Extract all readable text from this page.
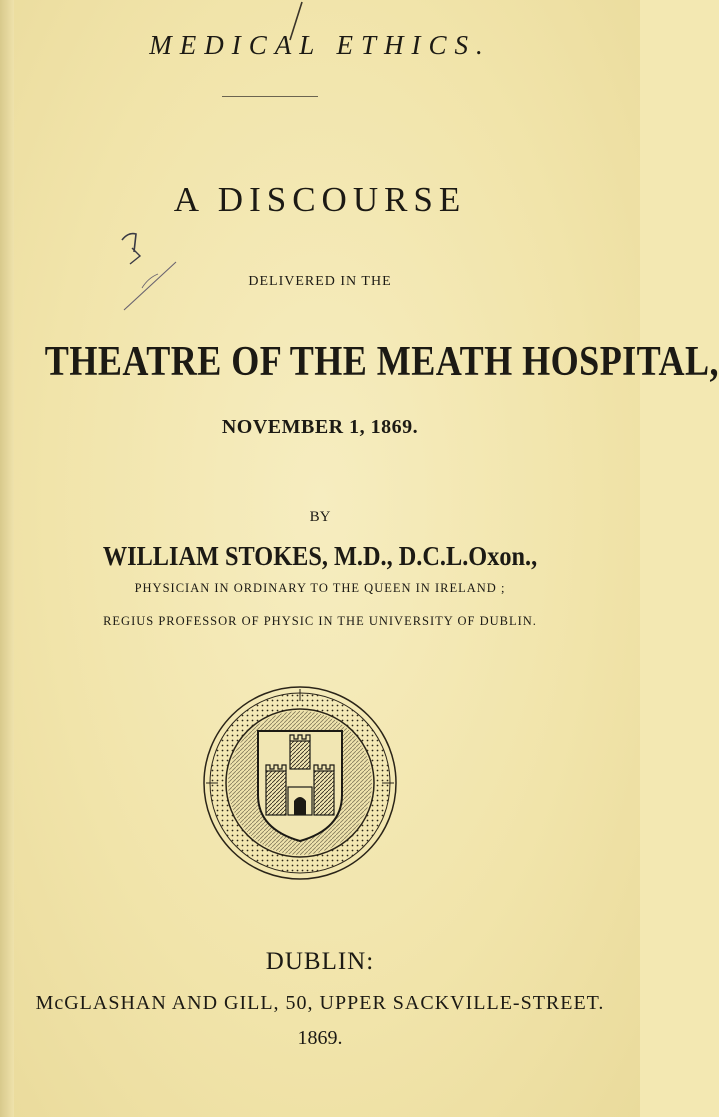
MEDICAL ETHICS.
A DISCOURSE
DELIVERED IN THE
THEATRE OF THE MEATH HOSPITAL,
NOVEMBER 1, 1869.
BY
WILLIAM STOKES, M.D., D.C.L.Oxon.,
PHYSICIAN IN ORDINARY TO THE QUEEN IN IRELAND ;
REGIUS PROFESSOR OF PHYSIC IN THE UNIVERSITY OF DUBLIN.
DUBLIN:
McGLASHAN AND GILL, 50, UPPER SACKVILLE-STREET.
1869.
